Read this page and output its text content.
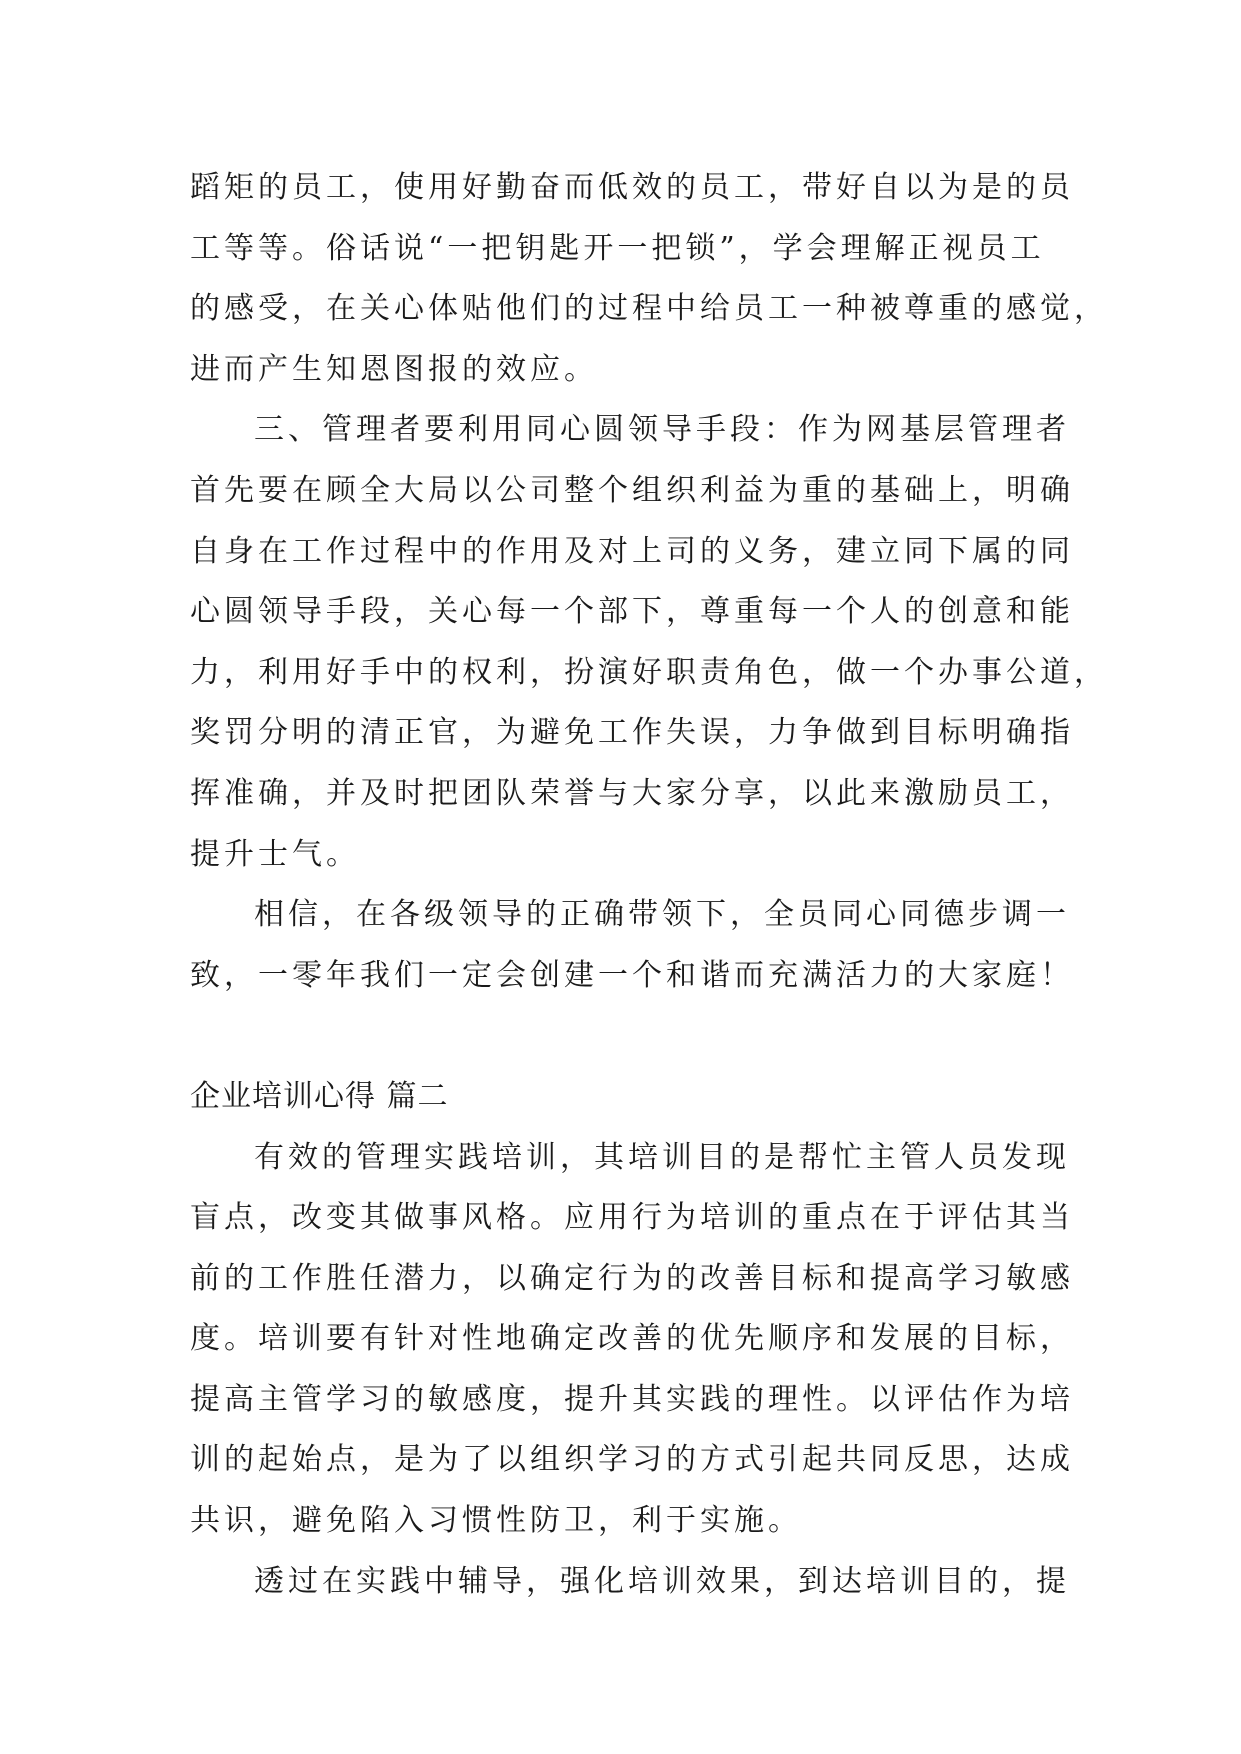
蹈矩的员工，使用好勤奋而低效的员工，带好自以为是的员
工等等。俗话说“一把钥匙开一把锁”，学会理解正视员工
的感受，在关心体贴他们的过程中给员工一种被尊重的感觉，
进而产生知恩图报的效应。
三、管理者要利用同心圆领导手段：作为网基层管理者
首先要在顾全大局以公司整个组织利益为重的基础上，明确
自身在工作过程中的作用及对上司的义务，建立同下属的同
心圆领导手段，关心每一个部下，尊重每一个人的创意和能
力，利用好手中的权利，扮演好职责角色，做一个办事公道，
奖罚分明的清正官，为避免工作失误，力争做到目标明确指
挥准确，并及时把团队荣誉与大家分享，以此来激励员工，
提升士气。
相信，在各级领导的正确带领下，全员同心同德步调一
致，一零年我们一定会创建一个和谐而充满活力的大家庭！
企业培训心得 篇二
有效的管理实践培训，其培训目的是帮忙主管人员发现
盲点，改变其做事风格。应用行为培训的重点在于评估其当
前的工作胜任潜力，以确定行为的改善目标和提高学习敏感
度。培训要有针对性地确定改善的优先顺序和发展的目标，
提高主管学习的敏感度，提升其实践的理性。以评估作为培
训的起始点，是为了以组织学习的方式引起共同反思，达成
共识，避免陷入习惯性防卫，利于实施。
透过在实践中辅导，强化培训效果，到达培训目的，提
